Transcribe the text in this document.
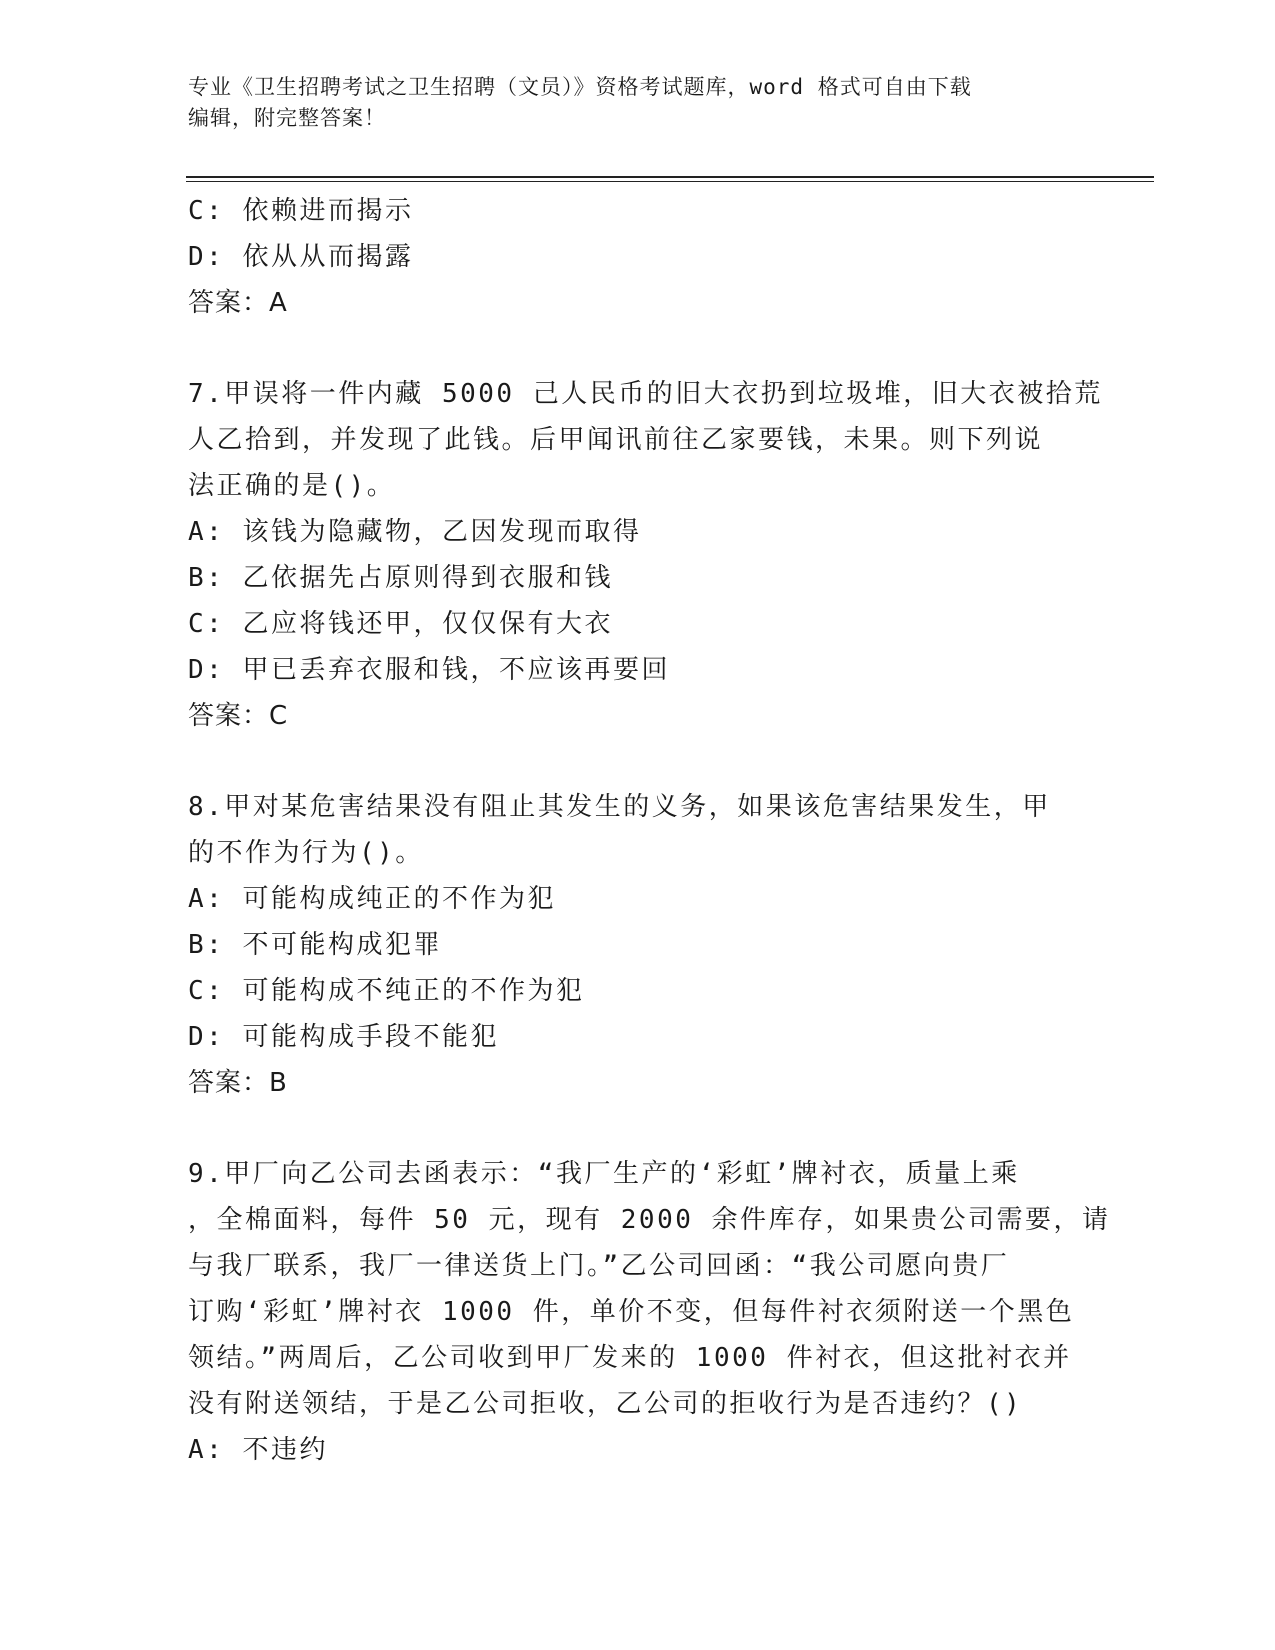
专业《卫生招聘考试之卫生招聘（文员）》资格考试题库，word 格式可自由下载
编辑，附完整答案！
C: 依赖进而揭示
D: 依从从而揭露
答案：A
7.甲误将一件内藏 5000 己人民币的旧大衣扔到垃圾堆，旧大衣被拾荒
人乙拾到，并发现了此钱。后甲闻讯前往乙家要钱，未果。则下列说
法正确的是()。
A: 该钱为隐藏物，乙因发现而取得
B: 乙依据先占原则得到衣服和钱
C: 乙应将钱还甲，仅仅保有大衣
D: 甲已丢弃衣服和钱，不应该再要回
答案：C
8.甲对某危害结果没有阻止其发生的义务，如果该危害结果发生，甲
的不作为行为()。
A: 可能构成纯正的不作为犯
B: 不可能构成犯罪
C: 可能构成不纯正的不作为犯
D: 可能构成手段不能犯
答案：B
9.甲厂向乙公司去函表示：“我厂生产的‘彩虹’牌衬衣，质量上乘
，全棉面料，每件 50 元，现有 2000 余件库存，如果贵公司需要，请
与我厂联系，我厂一律送货上门。”乙公司回函：“我公司愿向贵厂
订购‘彩虹’牌衬衣 1000 件，单价不变，但每件衬衣须附送一个黑色
领结。”两周后，乙公司收到甲厂发来的 1000 件衬衣，但这批衬衣并
没有附送领结，于是乙公司拒收，乙公司的拒收行为是否违约？()
A: 不违约
